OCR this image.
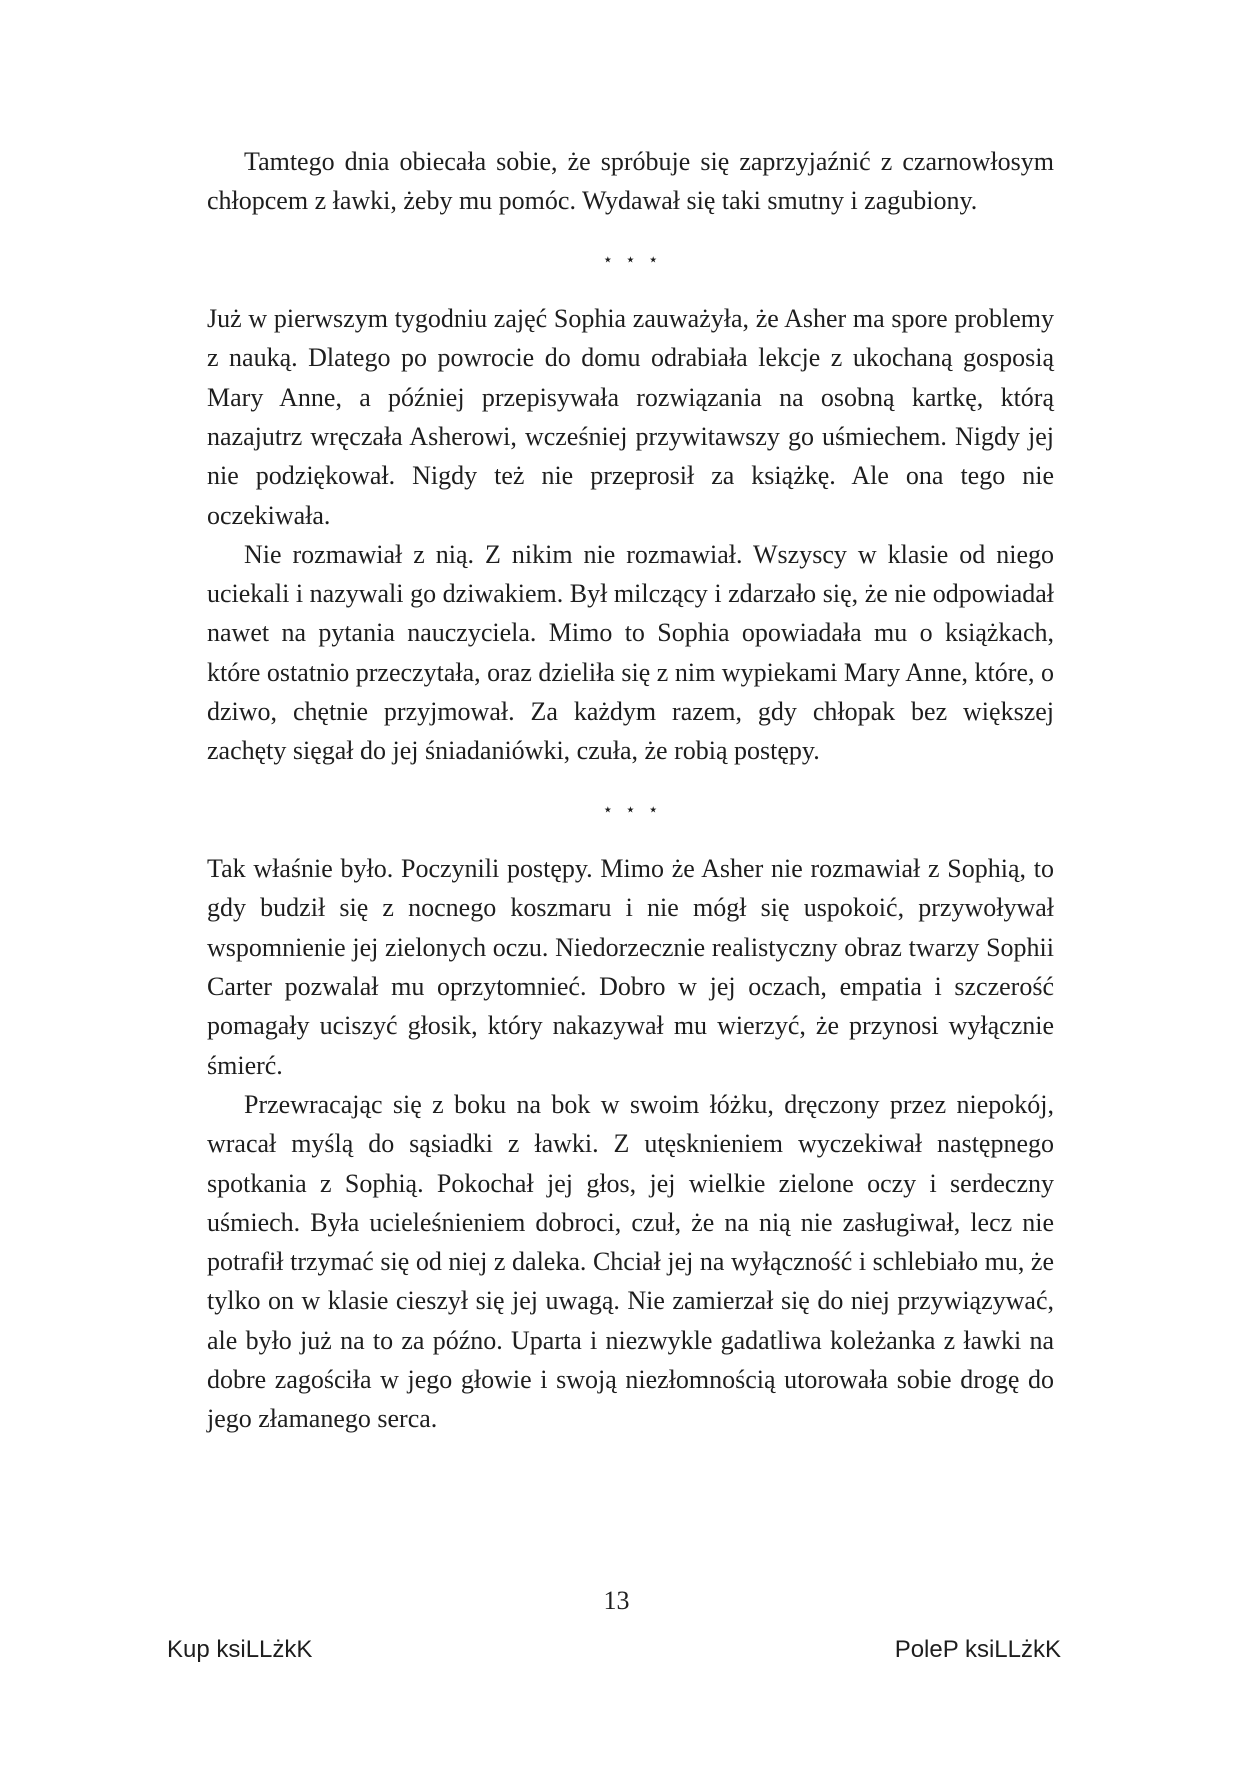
Tamtego dnia obiecała sobie, że spróbuje się zaprzyjaźnić z czarnowłosym chłopcem z ławki, żeby mu pomóc. Wydawał się taki smutny i zagubiony.

⋆⋆⋆

Już w pierwszym tygodniu zajęć Sophia zauważyła, że Asher ma spore problemy z nauką. Dlatego po powrocie do domu odrabiała lekcje z ukochaną gosposią Mary Anne, a później przepisywała rozwiązania na osobną kartkę, którą nazajutrz wręczała Asherowi, wcześniej przywitawszy go uśmiechem. Nigdy jej nie podziękował. Nigdy też nie przeprosił za książkę. Ale ona tego nie oczekiwała.

Nie rozmawiał z nią. Z nikim nie rozmawiał. Wszyscy w klasie od niego uciekali i nazywali go dziwakiem. Był milczący i zdarzało się, że nie odpowiadał nawet na pytania nauczyciela. Mimo to Sophia opowiadała mu o książkach, które ostatnio przeczytała, oraz dzieliła się z nim wypiekami Mary Anne, które, o dziwo, chętnie przyjmował. Za każdym razem, gdy chłopak bez większej zachęty sięgał do jej śniadaniówki, czuła, że robią postępy.

⋆⋆⋆

Tak właśnie było. Poczynili postępy. Mimo że Asher nie rozmawiał z Sophią, to gdy budził się z nocnego koszmaru i nie mógł się uspokoić, przywoływał wspomnienie jej zielonych oczu. Niedorzecznie realistyczny obraz twarzy Sophii Carter pozwalał mu oprzytomnieć. Dobro w jej oczach, empatia i szczerość pomagały uciszyć głosik, który nakazywał mu wierzyć, że przynosi wyłącznie śmierć.

Przewracając się z boku na bok w swoim łóżku, dręczony przez niepokój, wracał myślą do sąsiadki z ławki. Z utęsknieniem wyczekiwał następnego spotkania z Sophią. Pokochał jej głos, jej wielkie zielone oczy i serdeczny uśmiech. Była ucieleśnieniem dobroci, czuł, że na nią nie zasługiwał, lecz nie potrafił trzymać się od niej z daleka. Chciał jej na wyłączność i schlebiało mu, że tylko on w klasie cieszył się jej uwagą. Nie zamierzał się do niej przywiązywać, ale było już na to za późno. Uparta i niezwykle gadatliwa koleżanka z ławki na dobre zagościła w jego głowie i swoją niezłomnością utorowała sobie drogę do jego złamanego serca.

13
Kup ksiLLżkK	PoleP ksiLLżkK
